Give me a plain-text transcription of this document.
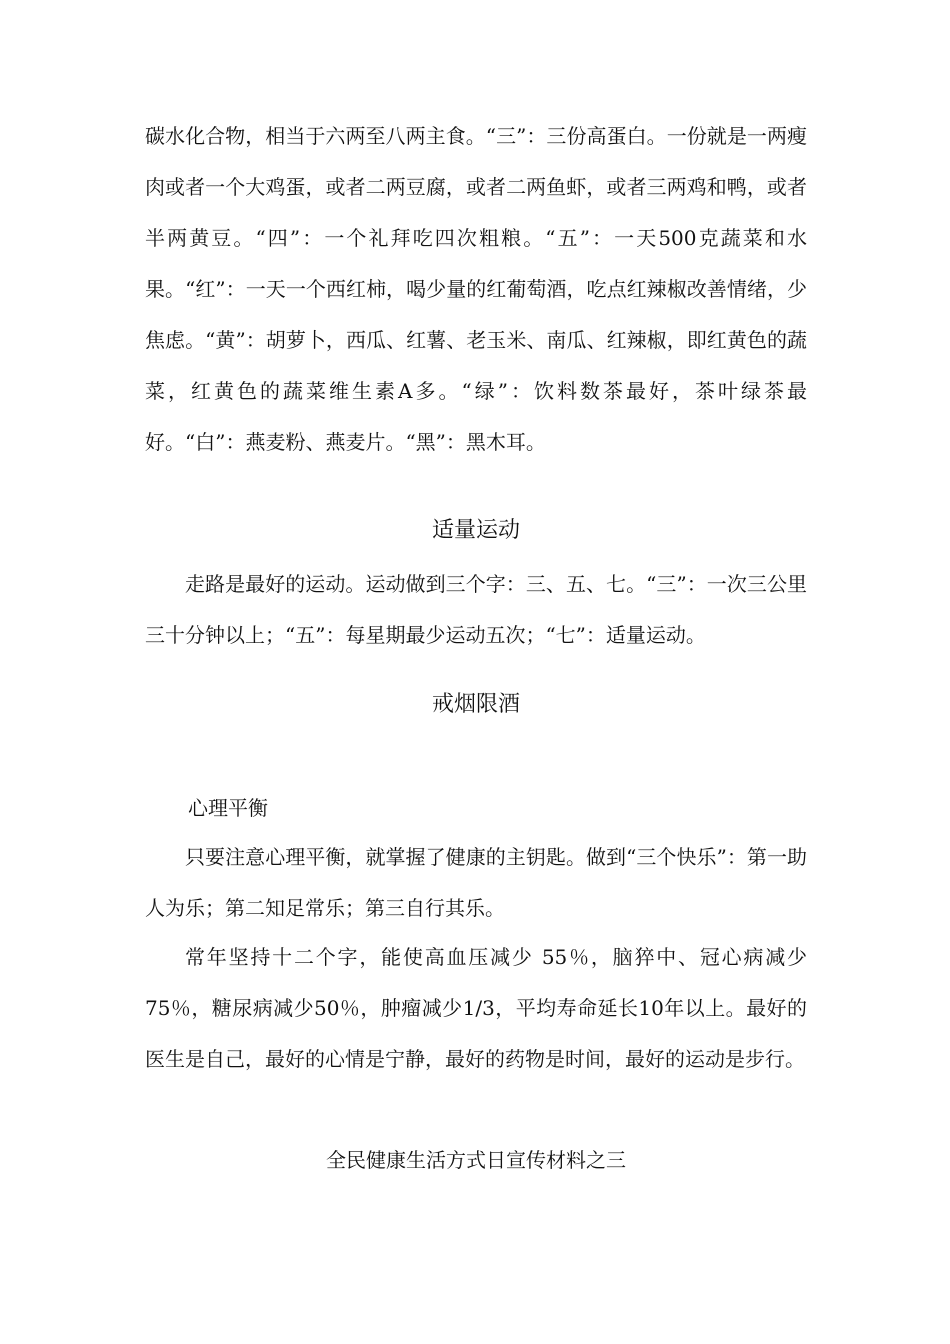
碳水化合物，相当于六两至八两主食。“三”：三份高蛋白。一份就是一两瘦肉或者一个大鸡蛋，或者二两豆腐，或者二两鱼虾，或者三两鸡和鸭，或者半两黄豆。“四”：一个礼拜吃四次粗粮。“五”：一天500克蔬菜和水果。“红”：一天一个西红柿，喝少量的红葡萄酒，吃点红辣椒改善情绪，少焦虑。“黄”：胡萝卜，西瓜、红薯、老玉米、南瓜、红辣椒，即红黄色的蔬菜，红黄色的蔬菜维生素A多。“绿”：饮料数茶最好，茶叶绿茶最好。“白”：燕麦粉、燕麦片。“黑”：黑木耳。

适量运动

走路是最好的运动。运动做到三个字：三、五、七。“三”：一次三公里三十分钟以上；“五”：每星期最少运动五次；“七”：适量运动。

戒烟限酒

心理平衡

只要注意心理平衡，就掌握了健康的主钥匙。做到“三个快乐”：第一助人为乐；第二知足常乐；第三自行其乐。

常年坚持十二个字，能使高血压减少 55％，脑猝中、冠心病减少75％，糖尿病减少50％，肿瘤减少1/3，平均寿命延长10年以上。最好的医生是自己，最好的心情是宁静，最好的药物是时间，最好的运动是步行。

全民健康生活方式日宣传材料之三
